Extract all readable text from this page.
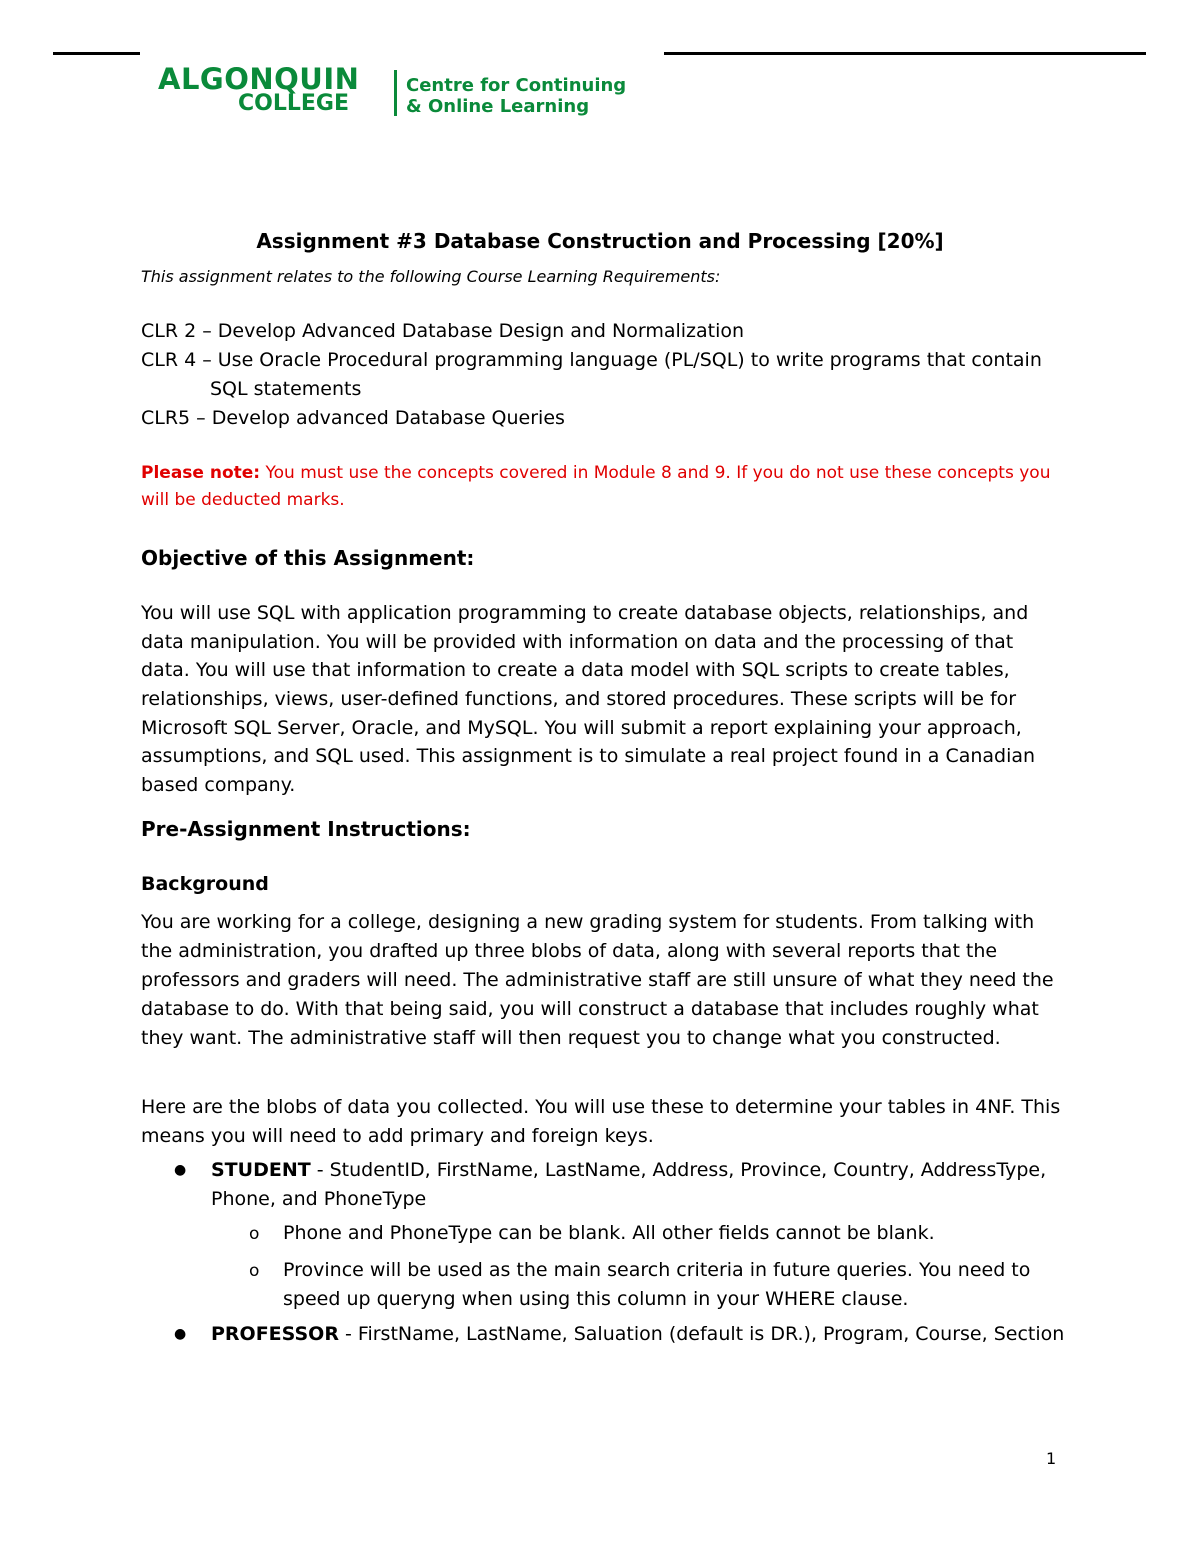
ALGONQUIN
COLLEGE
Centre for Continuing
& Online Learning
Assignment #3 Database Construction and Processing [20%]
This assignment relates to the following Course Learning Requirements:
CLR 2 – Develop Advanced Database Design and Normalization
CLR 4 – Use Oracle Procedural programming language (PL/SQL) to write programs that contain
SQL statements
CLR5 – Develop advanced Database Queries
Please note: You must use the concepts covered in Module 8 and 9. If you do not use these concepts you
will be deducted marks.
Objective of this Assignment:
You will use SQL with application programming to create database objects, relationships, and
data manipulation. You will be provided with information on data and the processing of that
data. You will use that information to create a data model with SQL scripts to create tables,
relationships, views, user-defined functions, and stored procedures. These scripts will be for
Microsoft SQL Server, Oracle, and MySQL. You will submit a report explaining your approach,
assumptions, and SQL used. This assignment is to simulate a real project found in a Canadian
based company.
Pre-Assignment Instructions:
Background
You are working for a college, designing a new grading system for students. From talking with
the administration, you drafted up three blobs of data, along with several reports that the
professors and graders will need. The administrative staff are still unsure of what they need the
database to do. With that being said, you will construct a database that includes roughly what
they want. The administrative staff will then request you to change what you constructed.
Here are the blobs of data you collected. You will use these to determine your tables in 4NF. This
means you will need to add primary and foreign keys.
● STUDENT - StudentID, FirstName, LastName, Address, Province, Country, AddressType,
Phone, and PhoneType
o Phone and PhoneType can be blank. All other fields cannot be blank.
o Province will be used as the main search criteria in future queries. You need to
speed up queryng when using this column in your WHERE clause.
● PROFESSOR - FirstName, LastName, Saluation (default is DR.), Program, Course, Section
1
